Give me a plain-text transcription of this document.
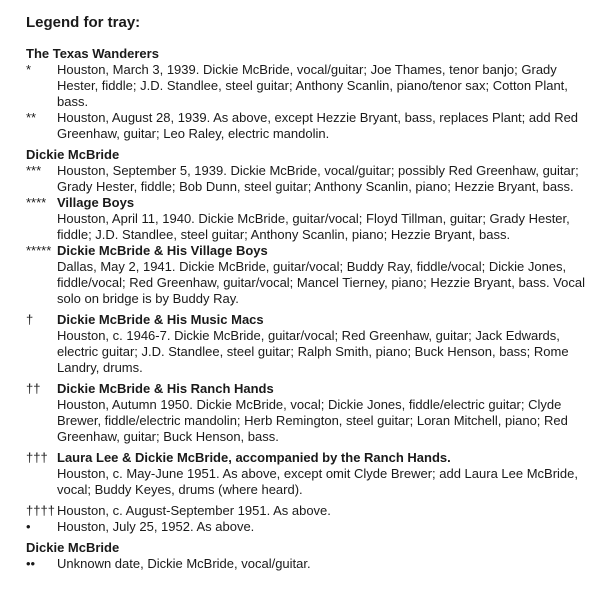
Legend for tray:
The Texas Wanderers
*	Houston, March 3, 1939. Dickie McBride, vocal/guitar; Joe Thames, tenor banjo; Grady Hester, fiddle; J.D. Standlee, steel guitar; Anthony Scanlin, piano/tenor sax; Cotton Plant, bass.
**	Houston, August 28, 1939. As above, except Hezzie Bryant, bass, replaces Plant; add Red Greenhaw, guitar; Leo Raley, electric mandolin.
Dickie McBride
***	Houston, September 5, 1939. Dickie McBride, vocal/guitar; possibly Red Greenhaw, guitar; Grady Hester, fiddle; Bob Dunn, steel guitar; Anthony Scanlin, piano; Hezzie Bryant, bass.
**** Village Boys
Houston, April 11, 1940. Dickie McBride, guitar/vocal; Floyd Tillman, guitar; Grady Hester, fiddle; J.D. Standlee, steel guitar; Anthony Scanlin, piano; Hezzie Bryant, bass.
***** Dickie McBride & His Village Boys
Dallas, May 2, 1941. Dickie McBride, guitar/vocal; Buddy Ray, fiddle/vocal; Dickie Jones, fiddle/vocal; Red Greenhaw, guitar/vocal; Mancel Tierney, piano; Hezzie Bryant, bass. Vocal solo on bridge is by Buddy Ray.
†	Dickie McBride & His Music Macs
Houston, c. 1946-7. Dickie McBride, guitar/vocal; Red Greenhaw, guitar; Jack Edwards, electric guitar; J.D. Standlee, steel guitar; Ralph Smith, piano; Buck Henson, bass; Rome Landry, drums.
††	Dickie McBride & His Ranch Hands
Houston, Autumn 1950. Dickie McBride, vocal; Dickie Jones, fiddle/electric guitar; Clyde Brewer, fiddle/electric mandolin; Herb Remington, steel guitar; Loran Mitchell, piano; Red Greenhaw, guitar; Buck Henson, bass.
††† Laura Lee & Dickie McBride, accompanied by the Ranch Hands.
Houston, c. May-June 1951. As above, except omit Clyde Brewer; add Laura Lee McBride, vocal; Buddy Keyes, drums (where heard).
†††† Houston, c. August-September 1951. As above.
•	Houston, July 25, 1952. As above.
Dickie McBride
••	Unknown date, Dickie McBride, vocal/guitar.
